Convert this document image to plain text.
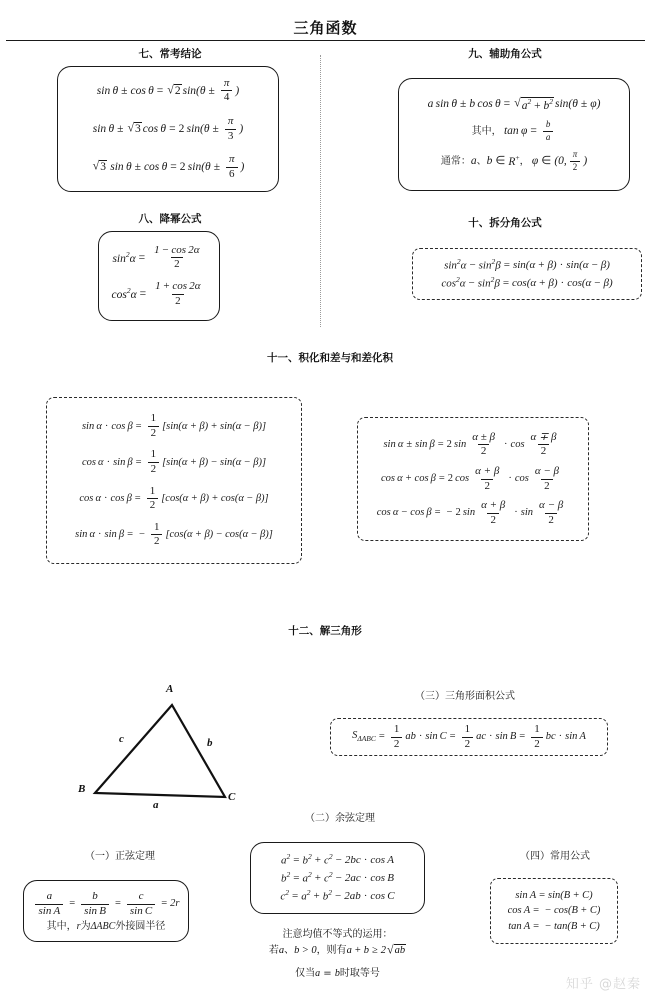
三角函数
七、常考结论
sin θ ± cos θ = √ 2 $\sin(\theta \pm \frac{\pi}{4}$ )
sin θ ± √ 3 cos θ = 2  $\sin(\theta \pm \frac{\pi}{3}$ )
√ 3  sin θ ± cos θ = 2  $\sin(\theta \pm \frac{\pi}{6}$ )
八、降幂公式
$\sin^2\alpha = \frac{1 - \cos 2\alpha}{2}$
$\cos^2\alpha = \frac{1 + \cos 2\alpha}{2}$
九、辅助角公式
a sin θ ± b cos θ = √ $a^2 + b^2$ sin(θ ± φ)
其中，  $\tan \varphi = \frac{b}{a}$
通常： a 、 b ∈ R+ ，  φ ∈ (0, $\frac{\pi}{2}$ )
十、拆分角公式
$\sin^2\alpha - \sin^2\beta = \sin(\alpha + \beta) \cdot \sin(\alpha - \beta)$
$\cos^2\alpha - \sin^2\beta = \cos(\alpha + \beta) \cdot \cos(\alpha - \beta)$
十一、积化和差与和差化积
$\sin \alpha \cdot \cos \beta = \frac{1}{2} [\sin(\alpha + \beta) + \sin(\alpha - \beta)]$
$\cos \alpha \cdot \sin \beta = \frac{1}{2} [\sin(\alpha + \beta) - \sin(\alpha - \beta)]$
$\cos \alpha \cdot \cos \beta = \frac{1}{2} [\cos(\alpha + \beta) + \cos(\alpha - \beta)]$
sin α · sin β = − $\frac{1}{2} [\cos(\alpha + \beta) - \cos(\alpha - \beta)]$
sin α ± sin β = 2  $\sin \frac{\alpha \pm \beta}{2} \cdot \cos \frac{\alpha \mp \beta}{2}$
cos α + cos β = 2  $\cos \frac{\alpha + \beta}{2} \cdot \cos \frac{\alpha - \beta}{2}$
cos α − cos β = − 2  $\sin \frac{\alpha + \beta}{2} \cdot \sin \frac{\alpha - \beta}{2}$
十二、解三角形
A
B
C
a
b
c
（三）三角形面积公式
$S_{\Delta ABC} = \frac{1}{2}$ ab · $\sin C = \frac{1}{2}$ ac · $\sin B = \frac{1}{2}$ bc · sin A
（二）余弦定理
$a^2 = b^2 + c^2 - 2bc \cdot \cos A$
$b^2 = a^2 + c^2 - 2ac \cdot \cos B$
$c^2 = a^2 + b^2 - 2ab \cdot \cos C$
注意均值不等式的运用：
若 a 、 b > 0 ，则有 a + b ≥ 2 √ ab
仅当a = b时取等号
（一）正弦定理
$\frac{a}{\text{sin A}} = \frac{b}{\text{sin B}} = \frac{c}{\text{sin C}} = 2r$
其中， r 为 ΔABC 外接圆半径
（四）常用公式
sin A = sin(B + C)
cos A = − cos(B + C)
tan A = − tan(B + C)
知乎 @赵秦
